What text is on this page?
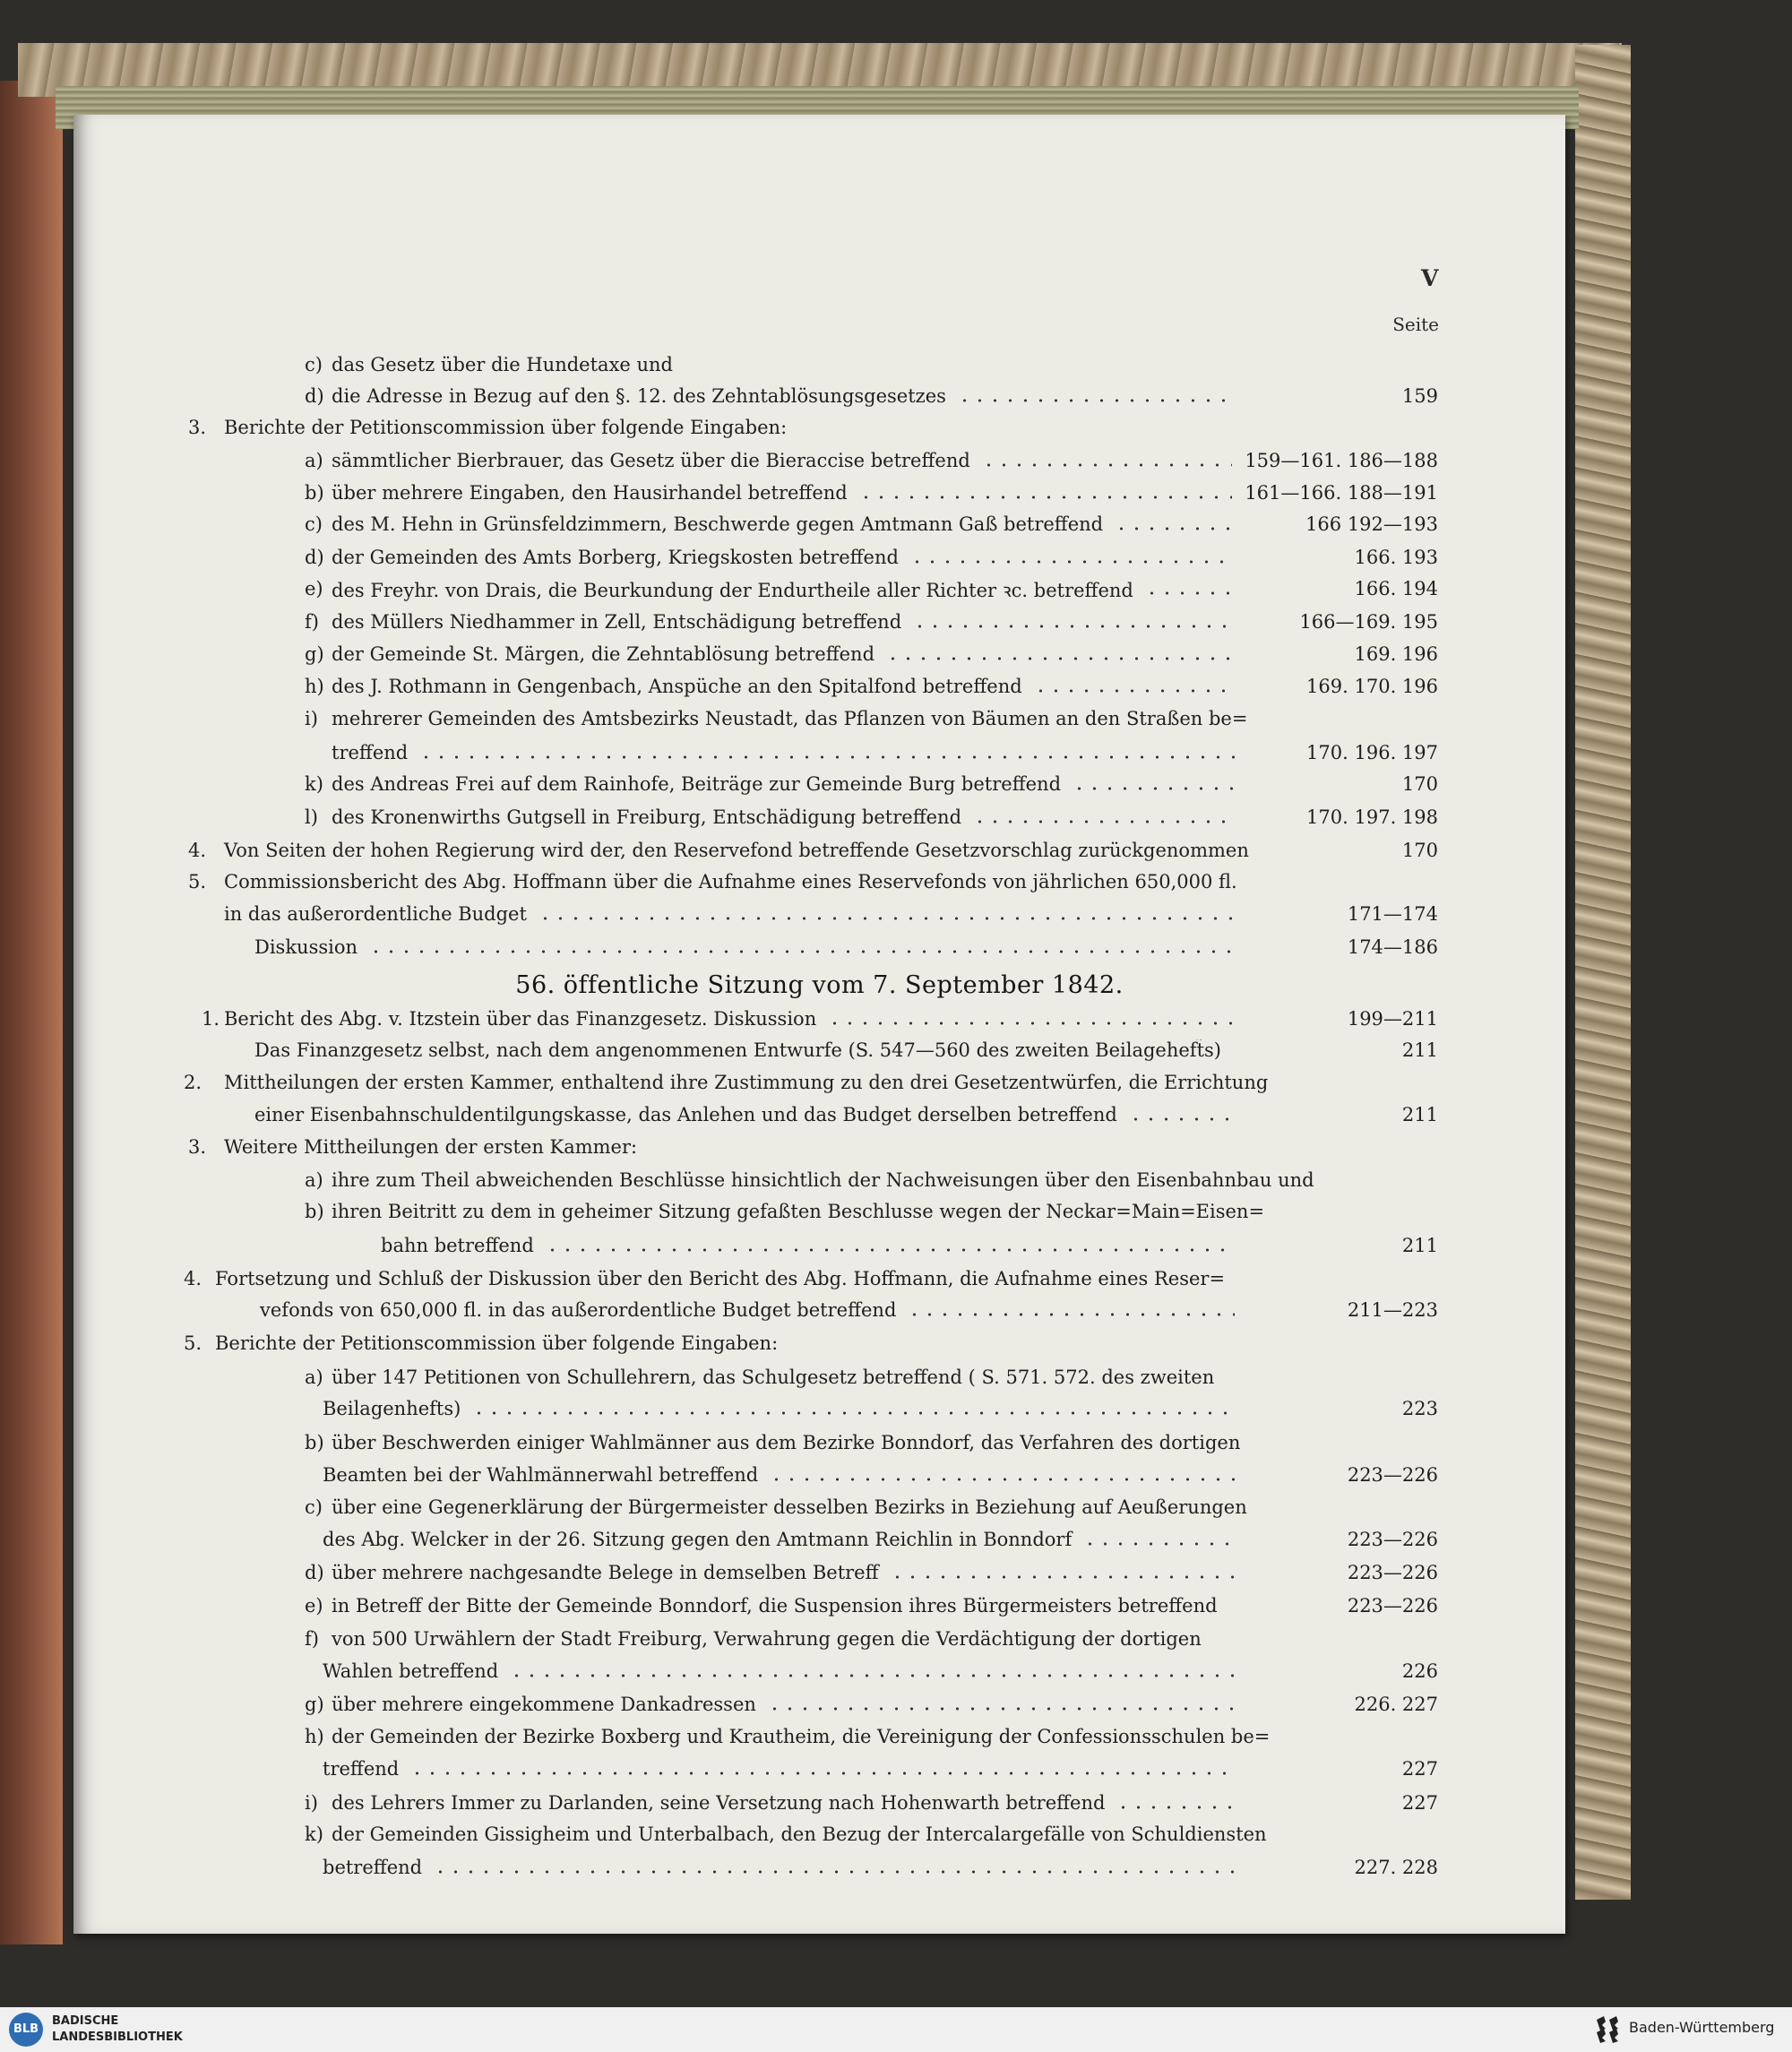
V
Seite
c) das Gesetz über die Hundetaxe und
d) die Adresse in Bezug auf den §. 12. des Zehntablösungsgesetzes	159
3. Berichte der Petitionscommission über folgende Eingaben:
a) sämmtlicher Bierbrauer, das Gesetz über die Bieraccise betreffend	159—161. 186—188
b) über mehrere Eingaben, den Hausirhandel betreffend	161—166. 188—191
c) des M. Hehn in Grünsfeldzimmern, Beschwerde gegen Amtmann Gaß betreffend	166 192—193
d) der Gemeinden des Amts Borberg, Kriegskosten betreffend	166. 193
e) des Freyhr. von Drais, die Beurkundung der Endurtheile aller Richter ꝛc. betreffend	166. 194
f) des Müllers Niedhammer in Zell, Entschädigung betreffend	166—169. 195
g) der Gemeinde St. Märgen, die Zehntablösung betreffend	169. 196
h) des J. Rothmann in Gengenbach, Anspüche an den Spitalfond betreffend	169. 170. 196
i) mehrerer Gemeinden des Amtsbezirks Neustadt, das Pflanzen von Bäumen an den Straßen be=
treffend	170. 196. 197
k) des Andreas Frei auf dem Rainhofe, Beiträge zur Gemeinde Burg betreffend	170
l) des Kronenwirths Gutgsell in Freiburg, Entschädigung betreffend	170. 197. 198
4. Von Seiten der hohen Regierung wird der, den Reservefond betreffende Gesetzvorschlag zurückgenommen	170
5. Commissionsbericht des Abg. Hoffmann über die Aufnahme eines Reservefonds von jährlichen 650,000 fl.
in das außerordentliche Budget	171—174
Diskussion	174—186
1. Bericht des Abg. v. Itzstein über das Finanzgesetz. Diskussion	199—211
Das Finanzgesetz selbst, nach dem angenommenen Entwurfe (S. 547—560 des zweiten Beilageheft̃s)	211
2. Mittheilungen der ersten Kammer, enthaltend ihre Zustimmung zu den drei Gesetzentwürfen, die Errichtung
einer Eisenbahnschuldentilgungskasse, das Anlehen und das Budget derselben betreffend	211
3. Weitere Mittheilungen der ersten Kammer:
a) ihre zum Theil abweichenden Beschlüsse hinsichtlich der Nachweisungen über den Eisenbahnbau und
b) ihren Beitritt zu dem in geheimer Sitzung gefaßten Beschlusse wegen der Neckar=Main=Eisen=
bahn betreffend	211
4. Fortsetzung und Schluß der Diskussion über den Bericht des Abg. Hoffmann, die Aufnahme eines Reser=
vefonds von 650,000 fl. in das außerordentliche Budget betreffend	211—223
5. Berichte der Petitionscommission über folgende Eingaben:
a) über 147 Petitionen von Schullehrern, das Schulgesetz betreffend ( S. 571. 572. des zweiten
Beilagenhefts)	223
b) über Beschwerden einiger Wahlmänner aus dem Bezirke Bonndorf, das Verfahren des dortigen
Beamten bei der Wahlmännerwahl betreffend	223—226
c) über eine Gegenerklärung der Bürgermeister desselben Bezirks in Beziehung auf Aeußerungen
des Abg. Welcker in der 26. Sitzung gegen den Amtmann Reichlin in Bonndorf	223—226
d) über mehrere nachgesandte Belege in demselben Betreff	223—226
e) in Betreff der Bitte der Gemeinde Bonndorf, die Suspension ihres Bürgermeisters betreffend	223—226
f) von 500 Urwählern der Stadt Freiburg, Verwahrung gegen die Verdächtigung der dortigen
Wahlen betreffend	226
g) über mehrere eingekommene Dankadressen	226. 227
h) der Gemeinden der Bezirke Boxberg und Krautheim, die Vereinigung der Confessionsschulen be=
treffend	227
i) des Lehrers Immer zu Darlanden, seine Versetzung nach Hohenwarth betreffend	227
k) der Gemeinden Gissigheim und Unterbalbach, den Bezug der Intercalargefälle von Schuldiensten
betreffend	227. 228
56. öffentliche Sitzung vom 7. September 1842.
BLB
BADISCHE
LANDESBIBLIOTHEK
Baden-Württemberg
